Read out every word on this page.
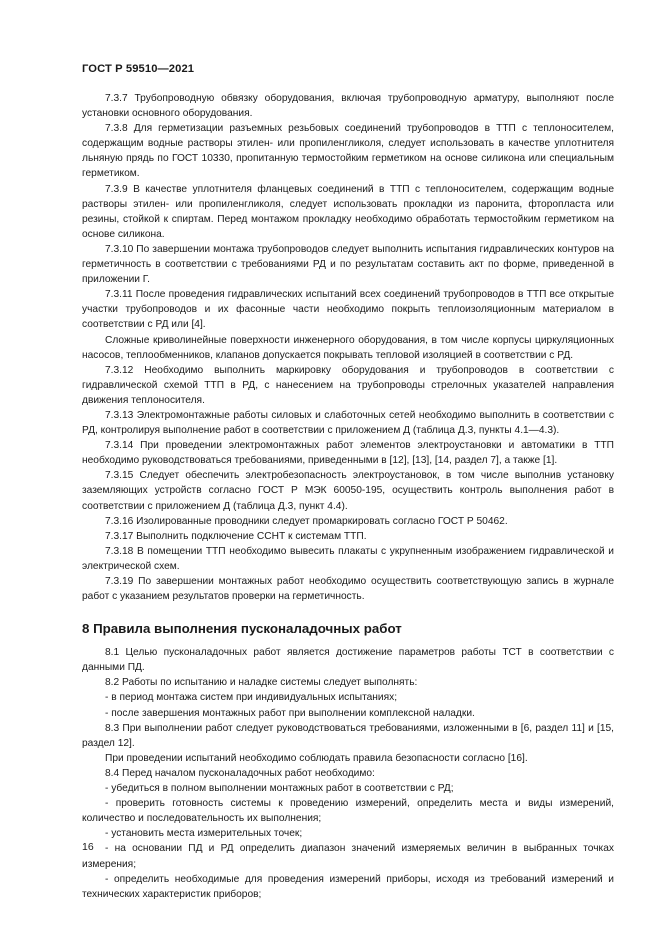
ГОСТ Р 59510—2021

7.3.7 Трубопроводную обвязку оборудования, включая трубопроводную арматуру, выполняют после установки основного оборудования.

7.3.8 Для герметизации разъемных резьбовых соединений трубопроводов в ТТП с теплоносителем, содержащим водные растворы этилен- или пропиленгликоля, следует использовать в качестве уплотнителя льняную прядь по ГОСТ 10330, пропитанную термостойким герметиком на основе силикона или специальным герметиком.

7.3.9 В качестве уплотнителя фланцевых соединений в ТТП с теплоносителем, содержащим водные растворы этилен- или пропиленгликоля, следует использовать прокладки из паронита, фторопласта или резины, стойкой к спиртам. Перед монтажом прокладку необходимо обработать термостойким герметиком на основе силикона.

7.3.10 По завершении монтажа трубопроводов следует выполнить испытания гидравлических контуров на герметичность в соответствии с требованиями РД и по результатам составить акт по форме, приведенной в приложении Г.

7.3.11 После проведения гидравлических испытаний всех соединений трубопроводов в ТТП все открытые участки трубопроводов и их фасонные части необходимо покрыть теплоизоляционным материалом в соответствии с РД или [4].

Сложные криволинейные поверхности инженерного оборудования, в том числе корпусы циркуляционных насосов, теплообменников, клапанов допускается покрывать тепловой изоляцией в соответствии с РД.

7.3.12 Необходимо выполнить маркировку оборудования и трубопроводов в соответствии с гидравлической схемой ТТП в РД, с нанесением на трубопроводы стрелочных указателей направления движения теплоносителя.

7.3.13 Электромонтажные работы силовых и слаботочных сетей необходимо выполнить в соответствии с РД, контролируя выполнение работ в соответствии с приложением Д (таблица Д.3, пункты 4.1—4.3).

7.3.14 При проведении электромонтажных работ элементов электроустановки и автоматики в ТТП необходимо руководствоваться требованиями, приведенными в [12], [13], [14, раздел 7], а также [1].

7.3.15 Следует обеспечить электробезопасность электроустановок, в том числе выполнив установку заземляющих устройств согласно ГОСТ Р МЭК 60050-195, осуществить контроль выполнения работ в соответствии с приложением Д (таблица Д.3, пункт 4.4).

7.3.16 Изолированные проводники следует промаркировать согласно ГОСТ Р 50462.

7.3.17 Выполнить подключение ССНТ к системам ТТП.

7.3.18 В помещении ТТП необходимо вывесить плакаты с укрупненным изображением гидравлической и электрической схем.

7.3.19 По завершении монтажных работ необходимо осуществить соответствующую запись в журнале работ с указанием результатов проверки на герметичность.

8 Правила выполнения пусконаладочных работ

8.1 Целью пусконаладочных работ является достижение параметров работы ТСТ в соответствии с данными ПД.

8.2 Работы по испытанию и наладке системы следует выполнять:

- в период монтажа систем при индивидуальных испытаниях;

- после завершения монтажных работ при выполнении комплексной наладки.

8.3 При выполнении работ следует руководствоваться требованиями, изложенными в [6, раздел 11] и [15, раздел 12].

При проведении испытаний необходимо соблюдать правила безопасности согласно [16].

8.4 Перед началом пусконаладочных работ необходимо:

- убедиться в полном выполнении монтажных работ в соответствии с РД;

- проверить готовность системы к проведению измерений, определить места и виды измерений, количество и последовательность их выполнения;

- установить места измерительных точек;

- на основании ПД и РД определить диапазон значений измеряемых величин в выбранных точках измерения;

- определить необходимые для проведения измерений приборы, исходя из требований измерений и технических характеристик приборов;

16
